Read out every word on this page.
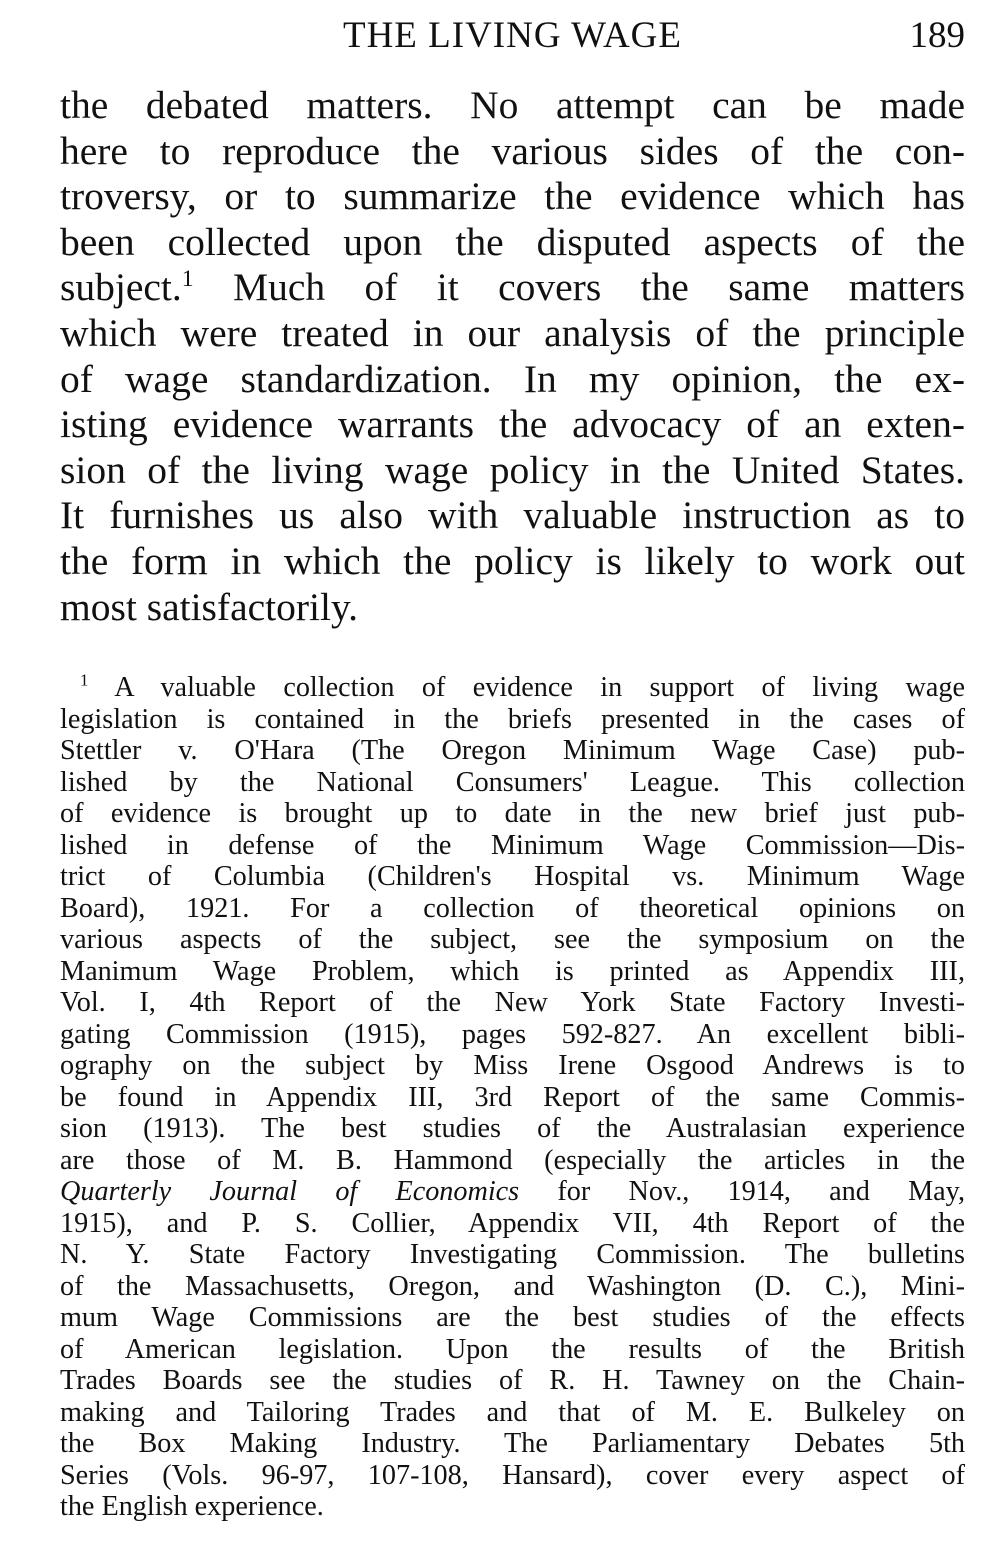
THE LIVING WAGE	189

the debated matters. No attempt can be made
here to reproduce the various sides of the con-
troversy, or to summarize the evidence which has
been collected upon the disputed aspects of the
subject.$^1$ Much of it covers the same matters
which were treated in our analysis of the principle
of wage standardization. In my opinion, the ex-
isting evidence warrants the advocacy of an exten-
sion of the living wage policy in the United States.
It furnishes us also with valuable instruction as to
the form in which the policy is likely to work out
most satisfactorily.

$^1$ A valuable collection of evidence in support of living wage
legislation is contained in the briefs presented in the cases of
Stettler v. O'Hara (The Oregon Minimum Wage Case) pub-
lished by the National Consumers' League. This collection
of evidence is brought up to date in the new brief just pub-
lished in defense of the Minimum Wage Commission—Dis-
trict of Columbia (Children's Hospital vs. Minimum Wage
Board), 1921. For a collection of theoretical opinions on
various aspects of the subject, see the symposium on the
Manimum Wage Problem, which is printed as Appendix III,
Vol. I, 4th Report of the New York State Factory Investi-
gating Commission (1915), pages 592-827. An excellent bibli-
ography on the subject by Miss Irene Osgood Andrews is to
be found in Appendix III, 3rd Report of the same Commis-
sion (1913). The best studies of the Australasian experience
are those of M. B. Hammond (especially the articles in the
Quarterly Journal of Economics for Nov., 1914, and May,
1915), and P. S. Collier, Appendix VII, 4th Report of the
N. Y. State Factory Investigating Commission. The bulletins
of the Massachusetts, Oregon, and Washington (D. C.), Mini-
mum Wage Commissions are the best studies of the effects
of American legislation. Upon the results of the British
Trades Boards see the studies of R. H. Tawney on the Chain-
making and Tailoring Trades and that of M. E. Bulkeley on
the Box Making Industry. The Parliamentary Debates 5th
Series (Vols. 96-97, 107-108, Hansard), cover every aspect of
the English experience.
